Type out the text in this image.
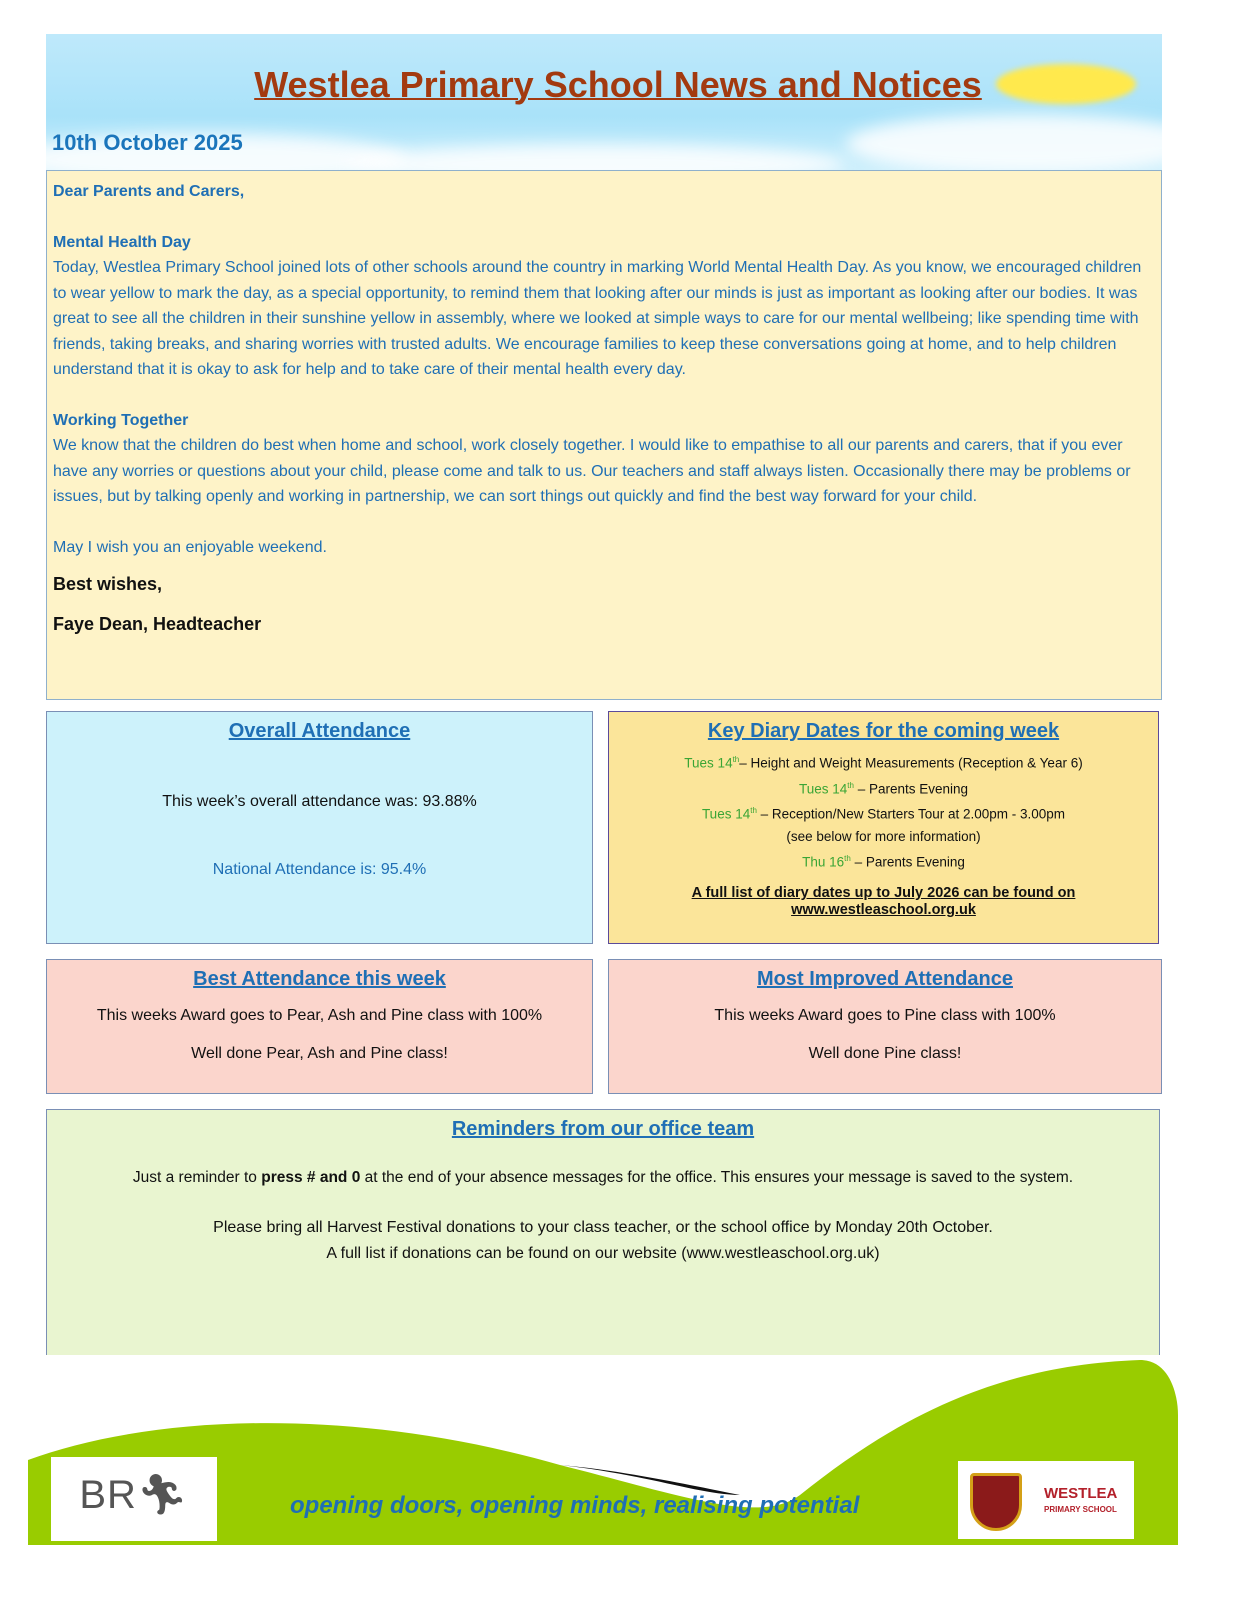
Westlea Primary School News and Notices
10th October 2025

Dear Parents and Carers,

Mental Health Day
Today, Westlea Primary School joined lots of other schools around the country in marking World Mental Health Day. As you know, we encouraged children to wear yellow to mark the day, as a special opportunity, to remind them that looking after our minds is just as important as looking after our bodies. It was great to see all the children in their sunshine yellow in assembly, where we looked at simple ways to care for our mental wellbeing; like spending time with friends, taking breaks, and sharing worries with trusted adults. We encourage families to keep these conversations going at home, and to help children understand that it is okay to ask for help and to take care of their mental health every day.

Working Together
We know that the children do best when home and school, work closely together. I would like to empathise to all our parents and carers, that if you ever have any worries or questions about your child, please come and talk to us. Our teachers and staff always listen. Occasionally there may be problems or issues, but by talking openly and working in partnership, we can sort things out quickly and find the best way forward for your child.

May I wish you an enjoyable weekend.

Best wishes,

Faye Dean, Headteacher

Overall Attendance
This week’s overall attendance was: 93.88%
National Attendance is: 95.4%
Key Diary Dates for the coming week
Tues 14th– Height and Weight Measurements (Reception & Year 6)
Tues 14th – Parents Evening
Tues 14th – Reception/New Starters Tour at 2.00pm - 3.00pm
(see below for more information)
Thu 16th – Parents Evening
A full list of diary dates up to July 2026 can be found on www.westleaschool.org.uk
Best Attendance this week
This weeks Award goes to Pear, Ash and Pine class with 100%
Well done Pear, Ash and Pine class!
Most Improved Attendance
This weeks Award goes to Pine class with 100%
Well done Pine class!
Reminders from our office team
Just a reminder to press # and 0 at the end of your absence messages for the office. This ensures your message is saved to the system.
Please bring all Harvest Festival donations to your class teacher, or the school office by Monday 20th October.
A full list if donations can be found on our website (www.westleaschool.org.uk)
opening doors, opening minds, realising potential
BR🏃︎	WESTLEA
PRIMARY SCHOOL
